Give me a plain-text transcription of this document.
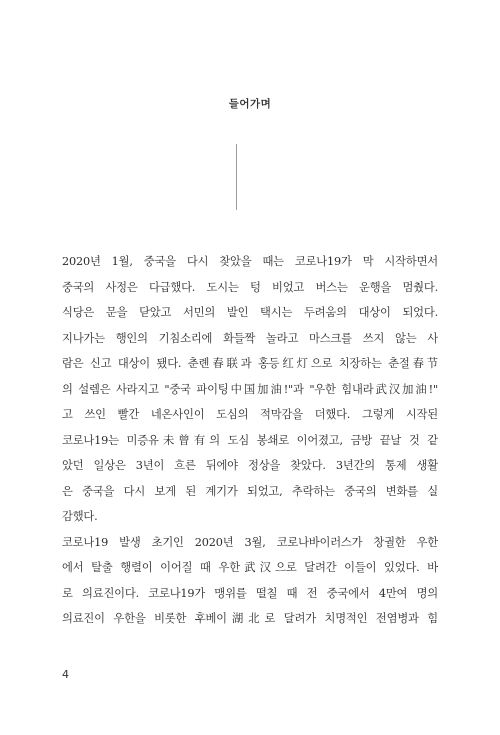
들어가며

2020년 1월, 중국을 다시 찾았을 때는 코로나19가 막 시작하면서
중국의 사정은 다급했다. 도시는 텅 비었고 버스는 운행을 멈췄다.
식당은 문을 닫았고 서민의 발인 택시는 두려움의 대상이 되었다.
지나가는 행인의 기침소리에 화들짝 놀라고 마스크를 쓰지 않는 사
람은 신고 대상이 됐다. 춘롄春联과 홍등红灯으로 치장하는 춘절春节
의 설렘은 사라지고 "중국 파이팅中国加油!"과 "우한 힘내라武汉加油!"
고 쓰인 빨간 네온사인이 도심의 적막감을 더했다. 그렇게 시작된
코로나19는 미증유未曾有의 도심 봉쇄로 이어졌고, 금방 끝날 것 같
았던 일상은 3년이 흐른 뒤에야 정상을 찾았다. 3년간의 통제 생활
은 중국을 다시 보게 된 계기가 되었고, 추락하는 중국의 변화를 실
감했다.

코로나19 발생 초기인 2020년 3월, 코로나바이러스가 창궐한 우한
에서 탈출 행렬이 이어질 때 우한武汉으로 달려간 이들이 있었다. 바
로 의료진이다. 코로나19가 맹위를 떨칠 때 전 중국에서 4만여 명의
의료진이 우한을 비롯한 후베이湖北로 달려가 치명적인 전염병과 힘

4
